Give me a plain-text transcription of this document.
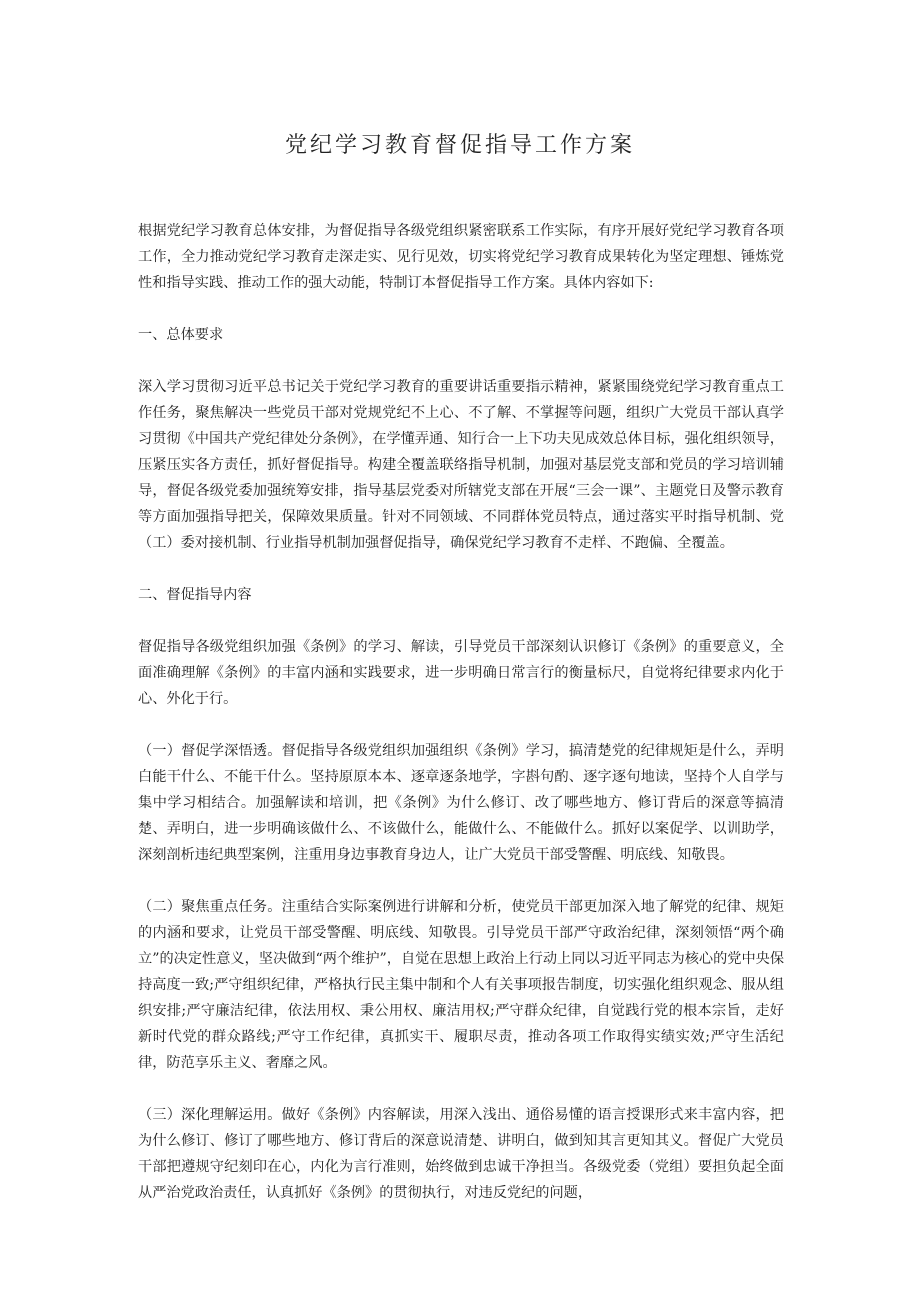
党纪学习教育督促指导工作方案

根据党纪学习教育总体安排，为督促指导各级党组织紧密联系工作实际，有序开展好党纪学习教育各项工作，全力推动党纪学习教育走深走实、见行见效，切实将党纪学习教育成果转化为坚定理想、锤炼党性和指导实践、推动工作的强大动能，特制订本督促指导工作方案。具体内容如下:

一、总体要求

深入学习贯彻习近平总书记关于党纪学习教育的重要讲话重要指示精神，紧紧围绕党纪学习教育重点工作任务，聚焦解决一些党员干部对党规党纪不上心、不了解、不掌握等问题，组织广大党员干部认真学习贯彻《中国共产党纪律处分条例》，在学懂弄通、知行合一上下功夫见成效总体目标，强化组织领导，压紧压实各方责任，抓好督促指导。构建全覆盖联络指导机制，加强对基层党支部和党员的学习培训辅导，督促各级党委加强统筹安排，指导基层党委对所辖党支部在开展“三会一课”、主题党日及警示教育等方面加强指导把关，保障效果质量。针对不同领域、不同群体党员特点，通过落实平时指导机制、党（工）委对接机制、行业指导机制加强督促指导，确保党纪学习教育不走样、不跑偏、全覆盖。

二、督促指导内容

督促指导各级党组织加强《条例》的学习、解读，引导党员干部深刻认识修订《条例》的重要意义，全面准确理解《条例》的丰富内涵和实践要求，进一步明确日常言行的衡量标尺，自觉将纪律要求内化于心、外化于行。

（一）督促学深悟透。督促指导各级党组织加强组织《条例》学习，搞清楚党的纪律规矩是什么，弄明白能干什么、不能干什么。坚持原原本本、逐章逐条地学，字斟句酌、逐字逐句地读，坚持个人自学与集中学习相结合。加强解读和培训，把《条例》为什么修订、改了哪些地方、修订背后的深意等搞清楚、弄明白，进一步明确该做什么、不该做什么，能做什么、不能做什么。抓好以案促学、以训助学，深刻剖析违纪典型案例，注重用身边事教育身边人，让广大党员干部受警醒、明底线、知敬畏。

（二）聚焦重点任务。注重结合实际案例进行讲解和分析，使党员干部更加深入地了解党的纪律、规矩的内涵和要求，让党员干部受警醒、明底线、知敬畏。引导党员干部严守政治纪律，深刻领悟“两个确立”的决定性意义，坚决做到“两个维护”，自觉在思想上政治上行动上同以习近平同志为核心的党中央保持高度一致;严守组织纪律，严格执行民主集中制和个人有关事项报告制度，切实强化组织观念、服从组织安排;严守廉洁纪律，依法用权、秉公用权、廉洁用权;严守群众纪律，自觉践行党的根本宗旨，走好新时代党的群众路线;严守工作纪律，真抓实干、履职尽责，推动各项工作取得实绩实效;严守生活纪律，防范享乐主义、奢靡之风。

（三）深化理解运用。做好《条例》内容解读，用深入浅出、通俗易懂的语言授课形式来丰富内容，把为什么修订、修订了哪些地方、修订背后的深意说清楚、讲明白，做到知其言更知其义。督促广大党员干部把遵规守纪刻印在心，内化为言行准则，始终做到忠诚干净担当。各级党委（党组）要担负起全面从严治党政治责任，认真抓好《条例》的贯彻执行，对违反党纪的问题，
